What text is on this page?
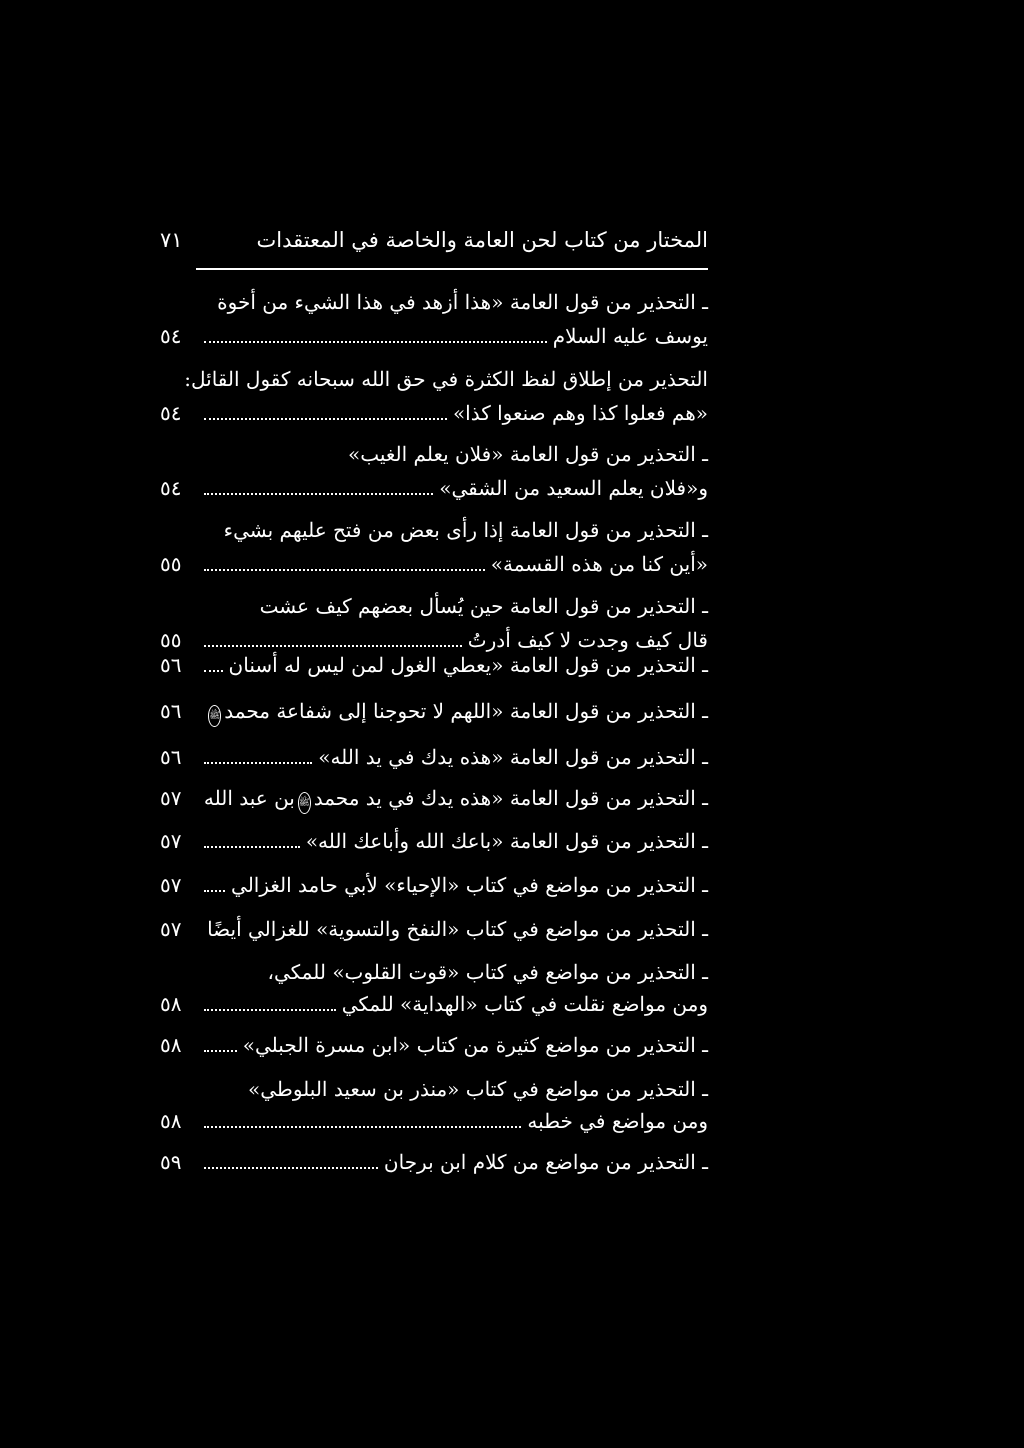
المختار من كتاب لحن العامة والخاصة في المعتقدات
٧١
ـ التحذير من قول العامة «هذا أزهد في هذا الشيء من أخوة
يوسف عليه السلام
٥٤
التحذير من إطلاق لفظ الكثرة في حق الله سبحانه كقول القائل:
«هم فعلوا كذا وهم صنعوا كذا»
٥٤
ـ التحذير من قول العامة «فلان يعلم الغيب»
و«فلان يعلم السعيد من الشقي»
٥٤
ـ التحذير من قول العامة إذا رأى بعض من فتح عليهم بشيء
«أين كنا من هذه القسمة»
٥٥
ـ التحذير من قول العامة حين يُسأل بعضهم كيف عشت
قال كيف وجدت لا كيف أدرتُ
٥٥
ـ التحذير من قول العامة «يعطي الغول لمن ليس له أسنان
٥٦
ـ التحذير من قول العامة «اللهم لا تحوجنا إلى شفاعة محمد
ﷺ
٥٦
ـ التحذير من قول العامة «هذه يدك في يد الله»
٥٦
ـ التحذير من قول العامة «هذه يدك في يد محمد
ﷺ
بن عبد الله
٥٧
ـ التحذير من قول العامة «باعك الله وأباعك الله»
٥٧
ـ التحذير من مواضع في كتاب «الإحياء» لأبي حامد الغزالي
٥٧
ـ التحذير من مواضع في كتاب «النفخ والتسوية» للغزالي أيضًا
٥٧
ـ التحذير من مواضع في كتاب «قوت القلوب» للمكي،
ومن مواضع نقلت في كتاب «الهداية» للمكي
٥٨
ـ التحذير من مواضع كثيرة من كتاب «ابن مسرة الجبلي»
٥٨
ـ التحذير من مواضع في كتاب «منذر بن سعيد البلوطي»
ومن مواضع في خطبه
٥٨
ـ التحذير من مواضع من كلام ابن برجان
٥٩
